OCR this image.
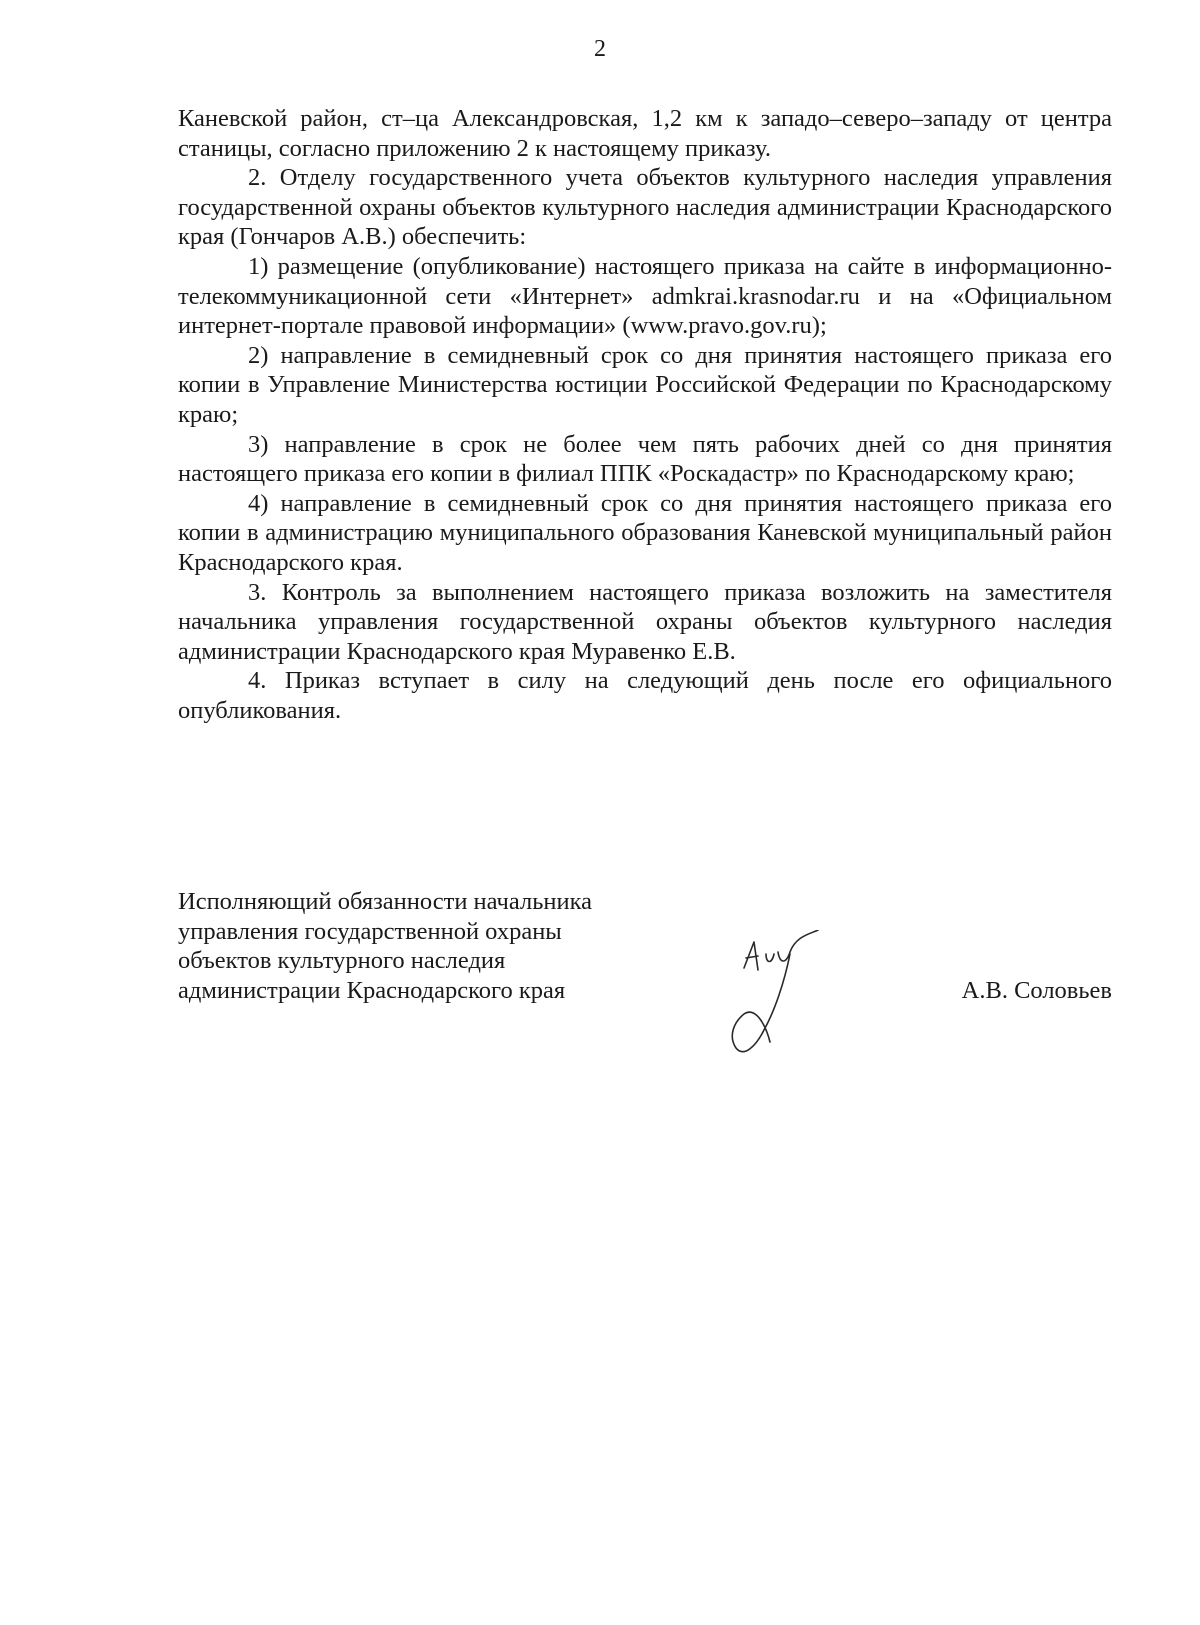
2

Каневской район, ст–ца Александровская, 1,2 км к западо–северо–западу от центра станицы, согласно приложению 2 к настоящему приказу.

2. Отделу государственного учета объектов культурного наследия управления государственной охраны объектов культурного наследия администрации Краснодарского края (Гончаров А.В.) обеспечить:

1) размещение (опубликование) настоящего приказа на сайте в информационно-телекоммуникационной сети «Интернет» admkrai.krasnodar.ru и на «Официальном интернет-портале правовой информации» (www.pravo.gov.ru);

2) направление в семидневный срок со дня принятия настоящего приказа его копии в Управление Министерства юстиции Российской Федерации по Краснодарскому краю;

3) направление в срок не более чем пять рабочих дней со дня принятия настоящего приказа его копии в филиал ППК «Роскадастр» по Краснодарскому краю;

4) направление в семидневный срок со дня принятия настоящего приказа его копии в администрацию муниципального образования Каневской муниципальный район Краснодарского края.

3. Контроль за выполнением настоящего приказа возложить на заместителя начальника управления государственной охраны объектов культурного наследия администрации Краснодарского края Муравенко Е.В.

4. Приказ вступает в силу на следующий день после его официального опубликования.

Исполняющий обязанности начальника
управления государственной охраны
объектов культурного наследия
администрации Краснодарского края	А.В. Соловьев
